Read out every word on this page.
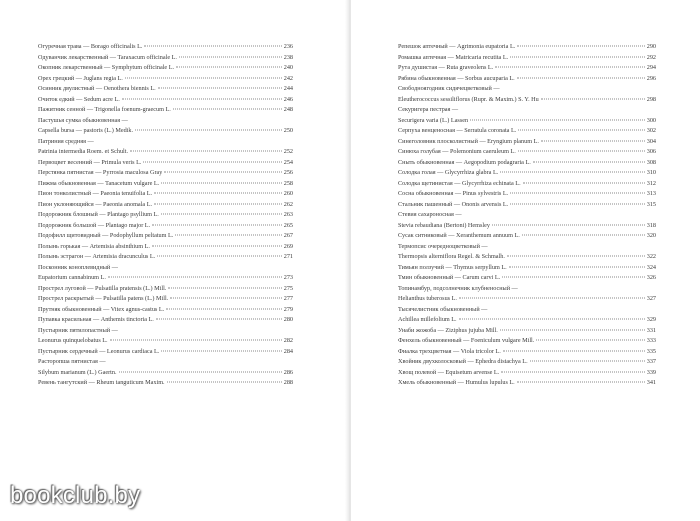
Огуречная трава — Borago officinalis L.	236
Одуванчик лекарственный — Taraxacum officinale L.	238
Окопник лекарственный — Symphytum officinale L.	240
Орех грецкий — Juglans regia L.	242
Осинник двулистный — Oenothera biennis L.	244
Очиток едкий — Sedum acre L.	246
Пажитник сенной — Trigonella foenum-graecum L.	248
Пастушья сумка обыкновенная —
Capsella bursa — pastoris (L.) Medik.	250
Патриния средняя —
Patrinia intermedia Roem. et Schult.	252
Первоцвет весенний — Primula veris L.	254
Перстянка пятнистая — Pyrrosia maculosa Gray	256
Пижма обыкновенная — Tanacetum vulgare L.	258
Пион тонколистный — Paeonia tenuifolia L.	260
Пион уклоняющийся — Paeonia anomala L.	262
Подорожник блошный — Plantago psyllium L.	263
Подорожник большой — Plantago major L.	265
Подофилл щитовидный — Podophyllum peltatum L.	267
Полынь горькая — Artemisia absinthium L.	269
Полынь эстрагон — Artemisia dracunculus L.	271
Посконник коноплевидный —
Eupatorium cannabinum L.	273
Прострел луговой — Pulsatilla pratensis (L.) Mill.	275
Прострел раскрытый — Pulsatilla patens (L.) Mill.	277
Прутняк обыкновенный — Vitex agnus-castus L.	279
Пупавка красильная — Anthemis tinctoria L.	280
Пустырник пятилопастный —
Leonurus quinquelobatus L.	282
Пустырник сердечный — Leonurus cardiaca L.	284
Расторопша пятнистая —
Silybum marianum (L.) Gaertn.	286
Ревень тангутский — Rheum tanguticum Maxim.	288
Репешок аптечный — Agrimonia eupatoria L.	290
Ромашка аптечная — Matricaria recutita L.	292
Рута душистая — Ruta graveolens L.	294
Рябина обыкновенная — Sorbus aucuparia L.	296
Свободноягодник сидячецветковый —
Eleutherococcus sessiliflorus (Rupr. & Maxim.) S. Y. Hu	298
Секуригера пестрая —
Securigera varia (L.) Lassen	300
Серпуха венценосная — Serratula coronata L.	302
Синеголовник плосколистный — Eryngium planum L.	304
Синюха голубая — Polemonium caeruleum L.	306
Сныть обыкновенная — Aegopodium podagraria L.	308
Солодка голая — Glycyrrhiza glabra L.	310
Солодка щетинистая — Glycyrrhiza echinata L.	312
Сосна обыкновенная — Pinus sylvestris L.	313
Стальник пашенный — Ononis arvensis L.	315
Стевия сахароносная —
Stevia rebaudiana (Bertoni) Hemsley	318
Сусак ситниковый — Xeranthemum annuum L.	320
Термопсис очередноцветковый —
Thermopsis alterniflora Regel. & Schmalh.	322
Тимьян ползучий — Thymus serpyllum L.	324
Тмин обыкновенный — Carum carvi L.	326
Топинамбур, подсолнечник клубненосный —
Helianthus tuberosus L.	327
Тысячелистник обыкновенный —
Achillea millefolium L.	329
Унаби жожоба — Ziziphus jujuba Mill.	331
Фенхель обыкновенный — Foeniculum vulgare Mill.	333
Фиалка трехцветная — Viola tricolor L.	335
Хвойник двухколосковый — Ephedra distachya L.	337
Хвощ полевой — Equisetum arvense L.	339
Хмель обыкновенный — Humulus lupulus L.	341
bookclub.by
